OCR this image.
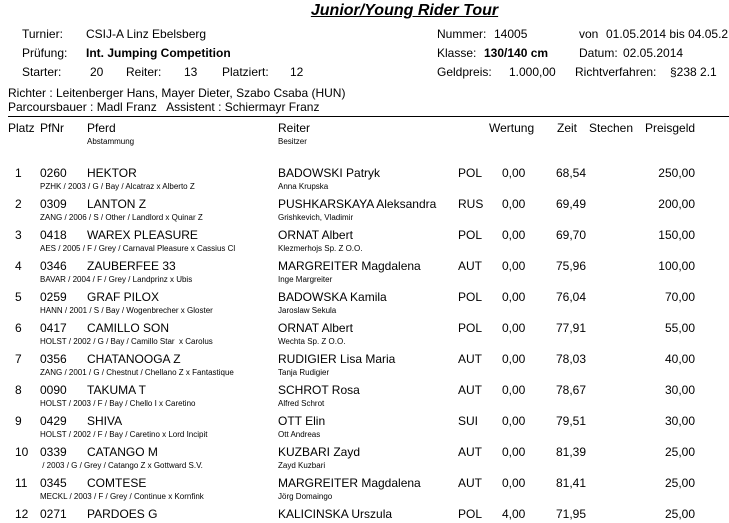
Junior/Young Rider Tour
Turnier: CSIJ-A Linz Ebelsberg	Nummer: 14005	von 01.05.2014 bis 04.05.2
Prüfung: Int. Jumping Competition	Klasse: 130/140 cm	Datum: 02.05.2014
Starter: 20 Reiter: 13 Platziert: 12	Geldpreis: 1.000,00 Richtverfahren: §238 2.1
Richter : Leitenberger Hans, Mayer Dieter, Szabo Csaba (HUN)
Parcoursbauer : Madl Franz   Assistent : Schiermayr Franz
Platz PfNr Pferd
Abstammung
Reiter
Besitzer
Wertung Zeit Stechen Preisgeld
1 0260 HEKTOR	BADOWSKI Patryk	POL 0,00	68,54	250,00
PZHK / 2003 / G / Bay / Alcatraz x Alberto Z	Anna Krupska
2 0309 LANTON Z	PUSHKARSKAYA Aleksandra RUS 0,00	69,49	200,00
ZANG / 2006 / S / Other / Landlord x Quinar Z	Grishkevich, Vladimir
3 0418 WAREX PLEASURE	ORNAT Albert	POL 0,00	69,70	150,00
AES / 2005 / F / Grey / Carnaval Pleasure x Cassius Cl	Klezmerhojs Sp. Z O.O.
4 0346 ZAUBERFEE 33	MARGREITER Magdalena	AUT 0,00	75,96	100,00
BAVAR / 2004 / F / Grey / Landprinz x Ubis	Inge Margreiter
5 0259 GRAF PILOX	BADOWSKA Kamila	POL 0,00	76,04	70,00
HANN / 2001 / S / Bay / Wogenbrecher x Gloster	Jaroslaw Sekula
6 0417 CAMILLO SON	ORNAT Albert	POL 0,00	77,91	55,00
HOLST / 2002 / G / Bay / Camillo Star  x Carolus	Wechta Sp. Z O.O.
7 0356 CHATANOOGA Z	RUDIGIER Lisa Maria	AUT 0,00	78,03	40,00
ZANG / 2001 / G / Chestnut / Chellano Z x Fantastique	Tanja Rudigier
8 0090 TAKUMA T	SCHROT Rosa	AUT 0,00	78,67	30,00
HOLST / 2003 / F / Bay / Chello I x Caretino	Alfred Schrot
9 0429 SHIVA	OTT Elin	SUI 0,00	79,51	30,00
HOLST / 2002 / F / Bay / Caretino x Lord Incipit	Ott Andreas
10 0339 CATANGO M	KUZBARI Zayd	AUT 0,00	81,39	25,00
/ 2003 / G / Grey / Catango Z x Gottward S.V.	Zayd Kuzbari
11 0345 COMTESE	MARGREITER Magdalena	AUT 0,00	81,41	25,00
MECKL / 2003 / F / Grey / Continue x Kornfink	Jörg Domaingo
12 0271 PARDOES G	KALICINSKA Urszula	POL 4,00	71,95	25,00
